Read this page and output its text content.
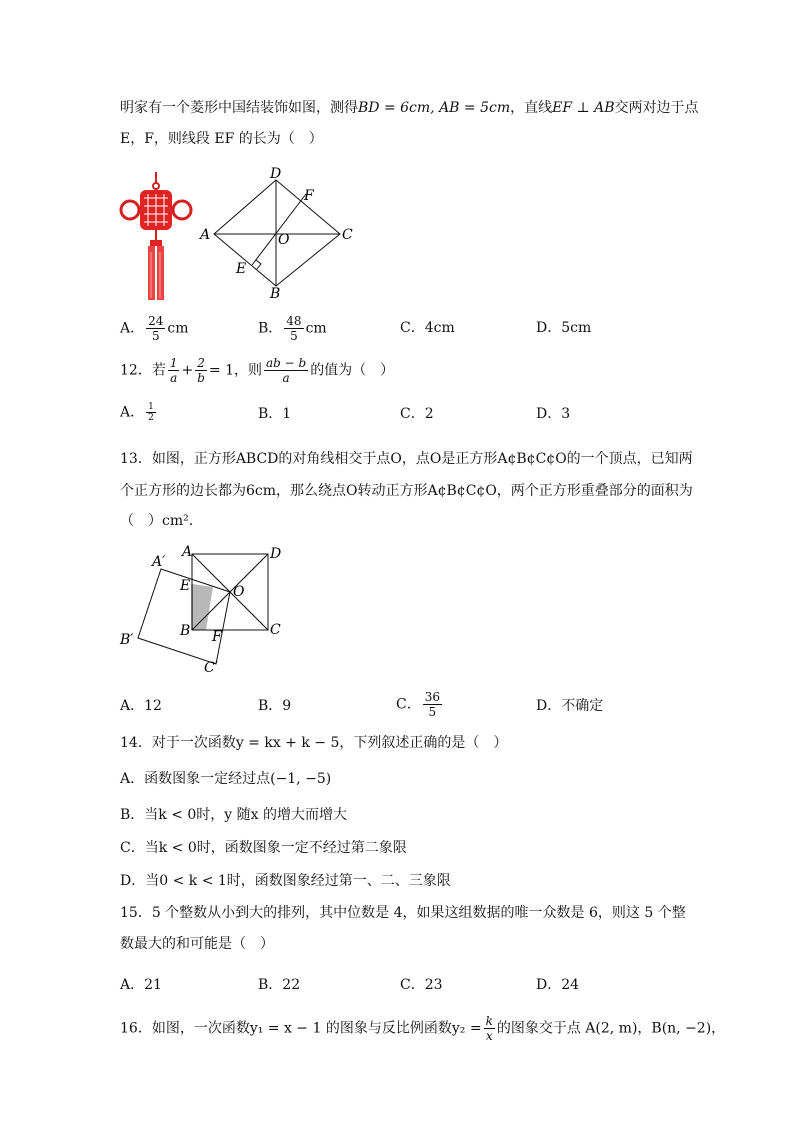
明家有一个菱形中国结装饰如图，测得BD = 6cm, AB = 5cm，直线EF ⊥ AB交两对边于点
E，F，则线段 EF 的长为（　）
A
D
F
C
O
E
B
A． $\frac{24}{5}$ cm	B． $\frac{48}{5}$ cm	C．4cm	D．5cm
12．若 $\frac{1}{a} + \frac{2}{b} = 1$，则 $\frac{ab - b}{a}$ 的值为（　）
A． $\frac{1}{2}$	B．1	C．2	D．3
13．如图，正方形ABCD的对角线相交于点O，点O是正方形A¢B¢C¢O的一个顶点，已知两
个正方形的边长都为6cm，那么绕点O转动正方形A¢B¢C¢O，两个正方形重叠部分的面积为
（　）cm².
A	D
A′
E	O
B F	C
B′
C′
A．12	B．9	C． $\frac{36}{5}$	D．不确定
14．对于一次函数y = kx + k − 5，下列叙述正确的是（　）
A．函数图象一定经过点(−1, −5)
B．当k < 0时，y 随x 的增大而增大
C．当k < 0时，函数图象一定不经过第二象限
D．当0 < k < 1时，函数图象经过第一、二、三象限
15．5 个整数从小到大的排列，其中位数是 4，如果这组数据的唯一众数是 6，则这 5 个整
数最大的和可能是（　）
A．21	B．22	C．23	D．24
16．如图，一次函数y₁ = x − 1 的图象与反比例函数$y_2 = \frac{k}{x}$ 的图象交于点 A(2, m)，B(n, −2)，
